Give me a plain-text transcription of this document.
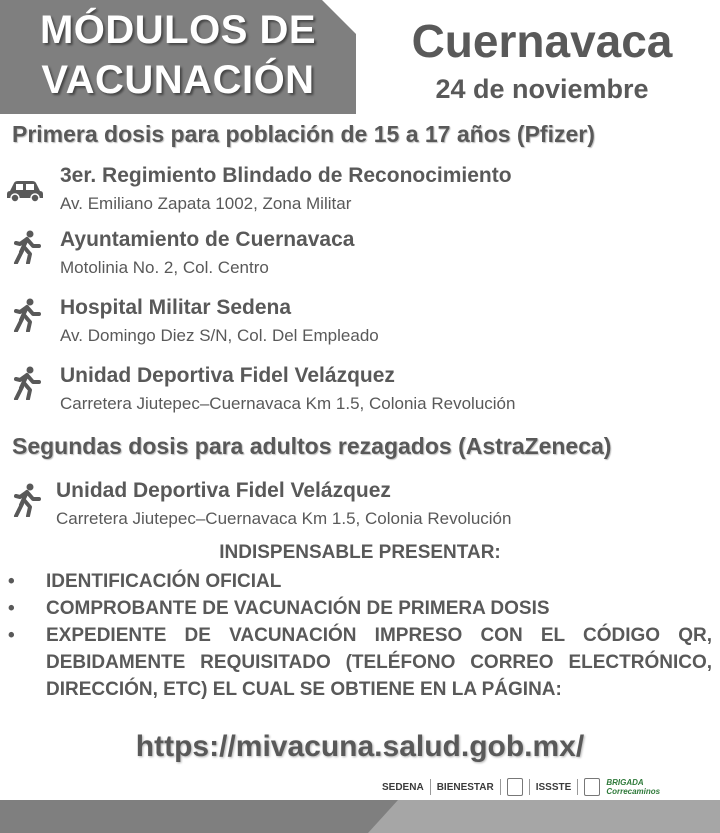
MÓDULOS DE
VACUNACIÓN
Cuernavaca
24 de noviembre
Primera dosis para población de 15 a 17 años (Pfizer)
3er. Regimiento Blindado de Reconocimiento
Av. Emiliano Zapata 1002, Zona Militar
Ayuntamiento de Cuernavaca
Motolinia No. 2, Col. Centro
Hospital Militar Sedena
Av. Domingo Diez S/N, Col. Del Empleado
Unidad Deportiva Fidel Velázquez
Carretera Jiutepec–Cuernavaca Km 1.5, Colonia Revolución
Segundas dosis para adultos rezagados (AstraZeneca)
Unidad Deportiva Fidel Velázquez
Carretera Jiutepec–Cuernavaca Km 1.5, Colonia Revolución
INDISPENSABLE PRESENTAR:
• IDENTIFICACIÓN OFICIAL
• COMPROBANTE DE VACUNACIÓN DE PRIMERA DOSIS
• EXPEDIENTE DE VACUNACIÓN IMPRESO CON EL CÓDIGO QR, DEBIDAMENTE REQUISITADO (TELÉFONO CORREO ELECTRÓNICO, DIRECCIÓN, ETC) EL CUAL SE OBTIENE EN LA PÁGINA:
https://mivacuna.salud.gob.mx/
SEDENA BIENESTAR	ISSSTE	BRIGADA
Correcaminos
